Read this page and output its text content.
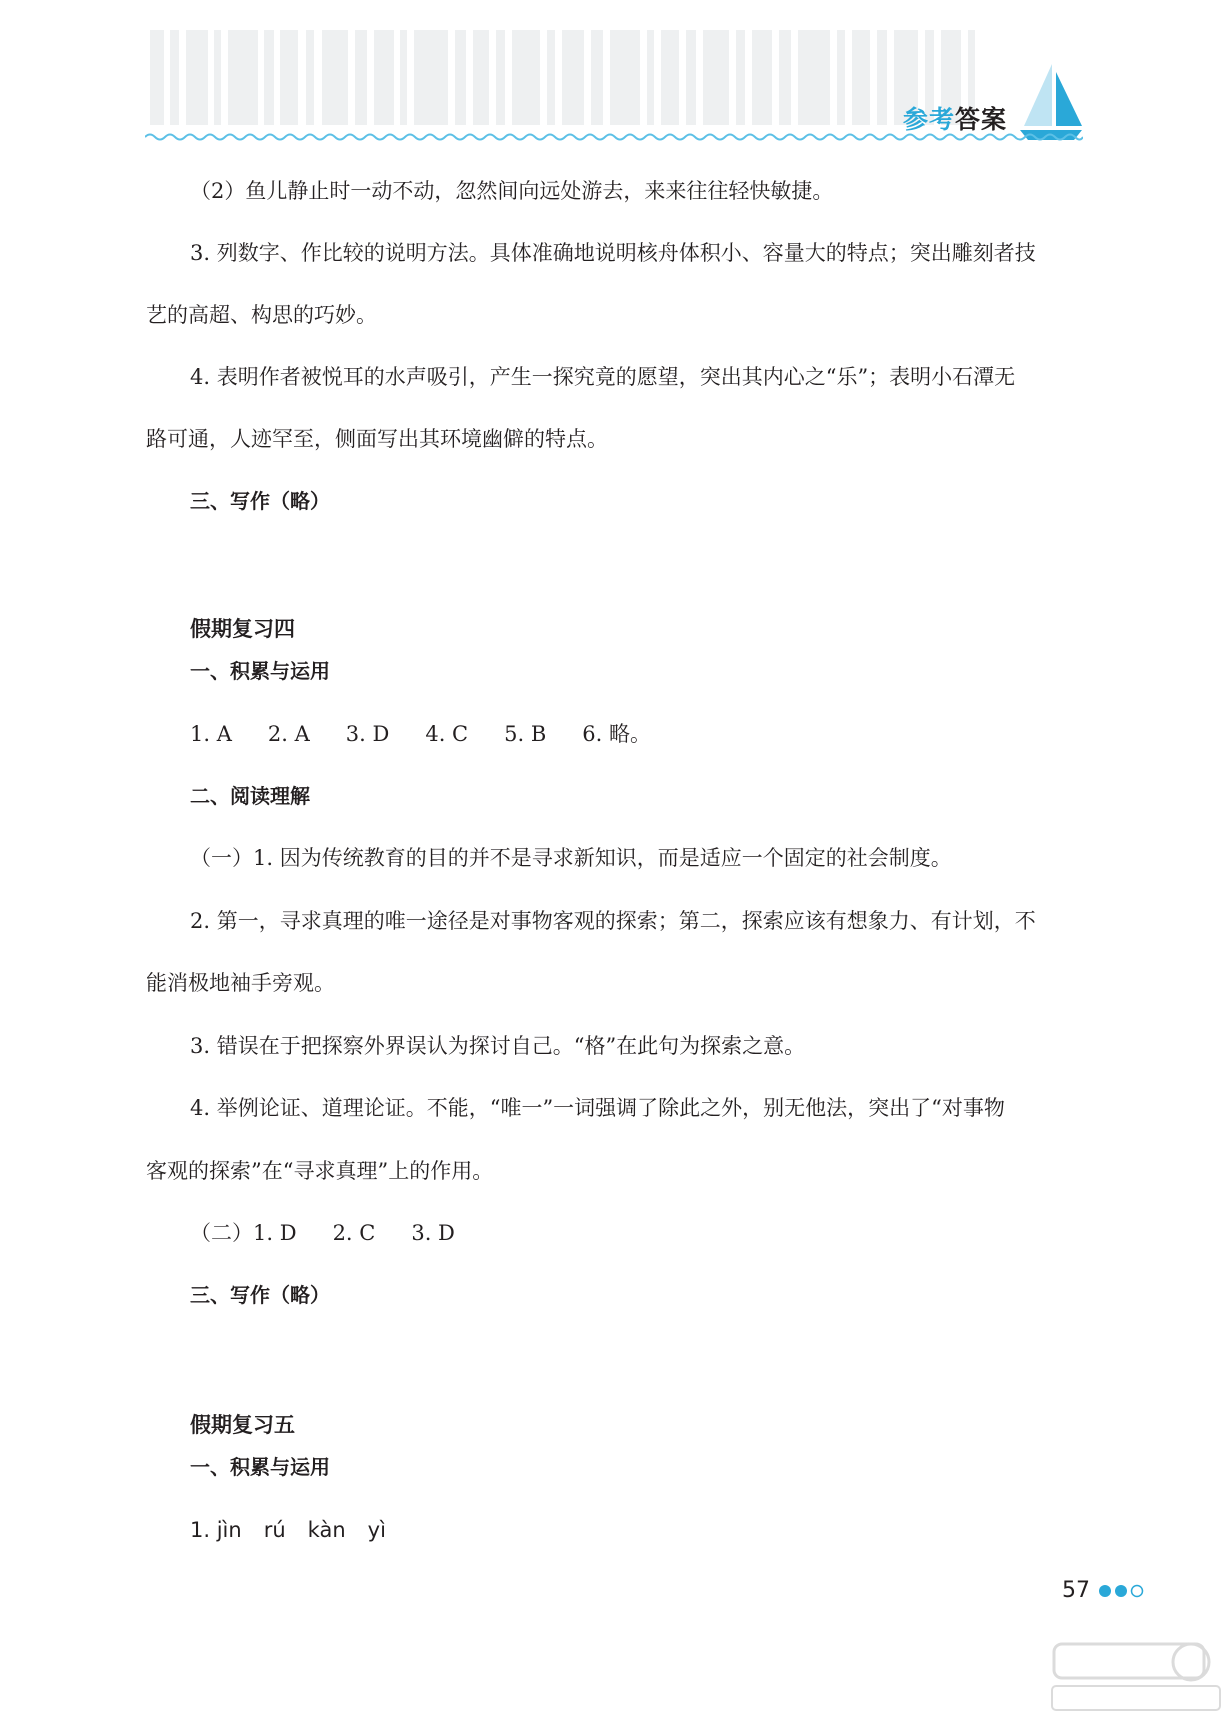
参考答案
（2）鱼儿静止时一动不动，忽然间向远处游去，来来往往轻快敏捷。
3. 列数字、作比较的说明方法。具体准确地说明核舟体积小、容量大的特点；突出雕刻者技
艺的高超、构思的巧妙。
4. 表明作者被悦耳的水声吸引，产生一探究竟的愿望，突出其内心之“乐”；表明小石潭无
路可通，人迹罕至，侧面写出其环境幽僻的特点。
三、写作（略）
假期复习四
一、积累与运用
1. A 2. A 3. D 4. C 5. B 6. 略。
二、阅读理解
（一）1. 因为传统教育的目的并不是寻求新知识，而是适应一个固定的社会制度。
2. 第一，寻求真理的唯一途径是对事物客观的探索；第二，探索应该有想象力、有计划，不
能消极地袖手旁观。
3. 错误在于把探察外界误认为探讨自己。“格”在此句为探索之意。
4. 举例论证、道理论证。不能，“唯一”一词强调了除此之外，别无他法，突出了“对事物
客观的探索”在“寻求真理”上的作用。
（二）1. D 2. C 3. D
三、写作（略）
假期复习五
一、积累与运用
1. jìn rú kàn yì
57
